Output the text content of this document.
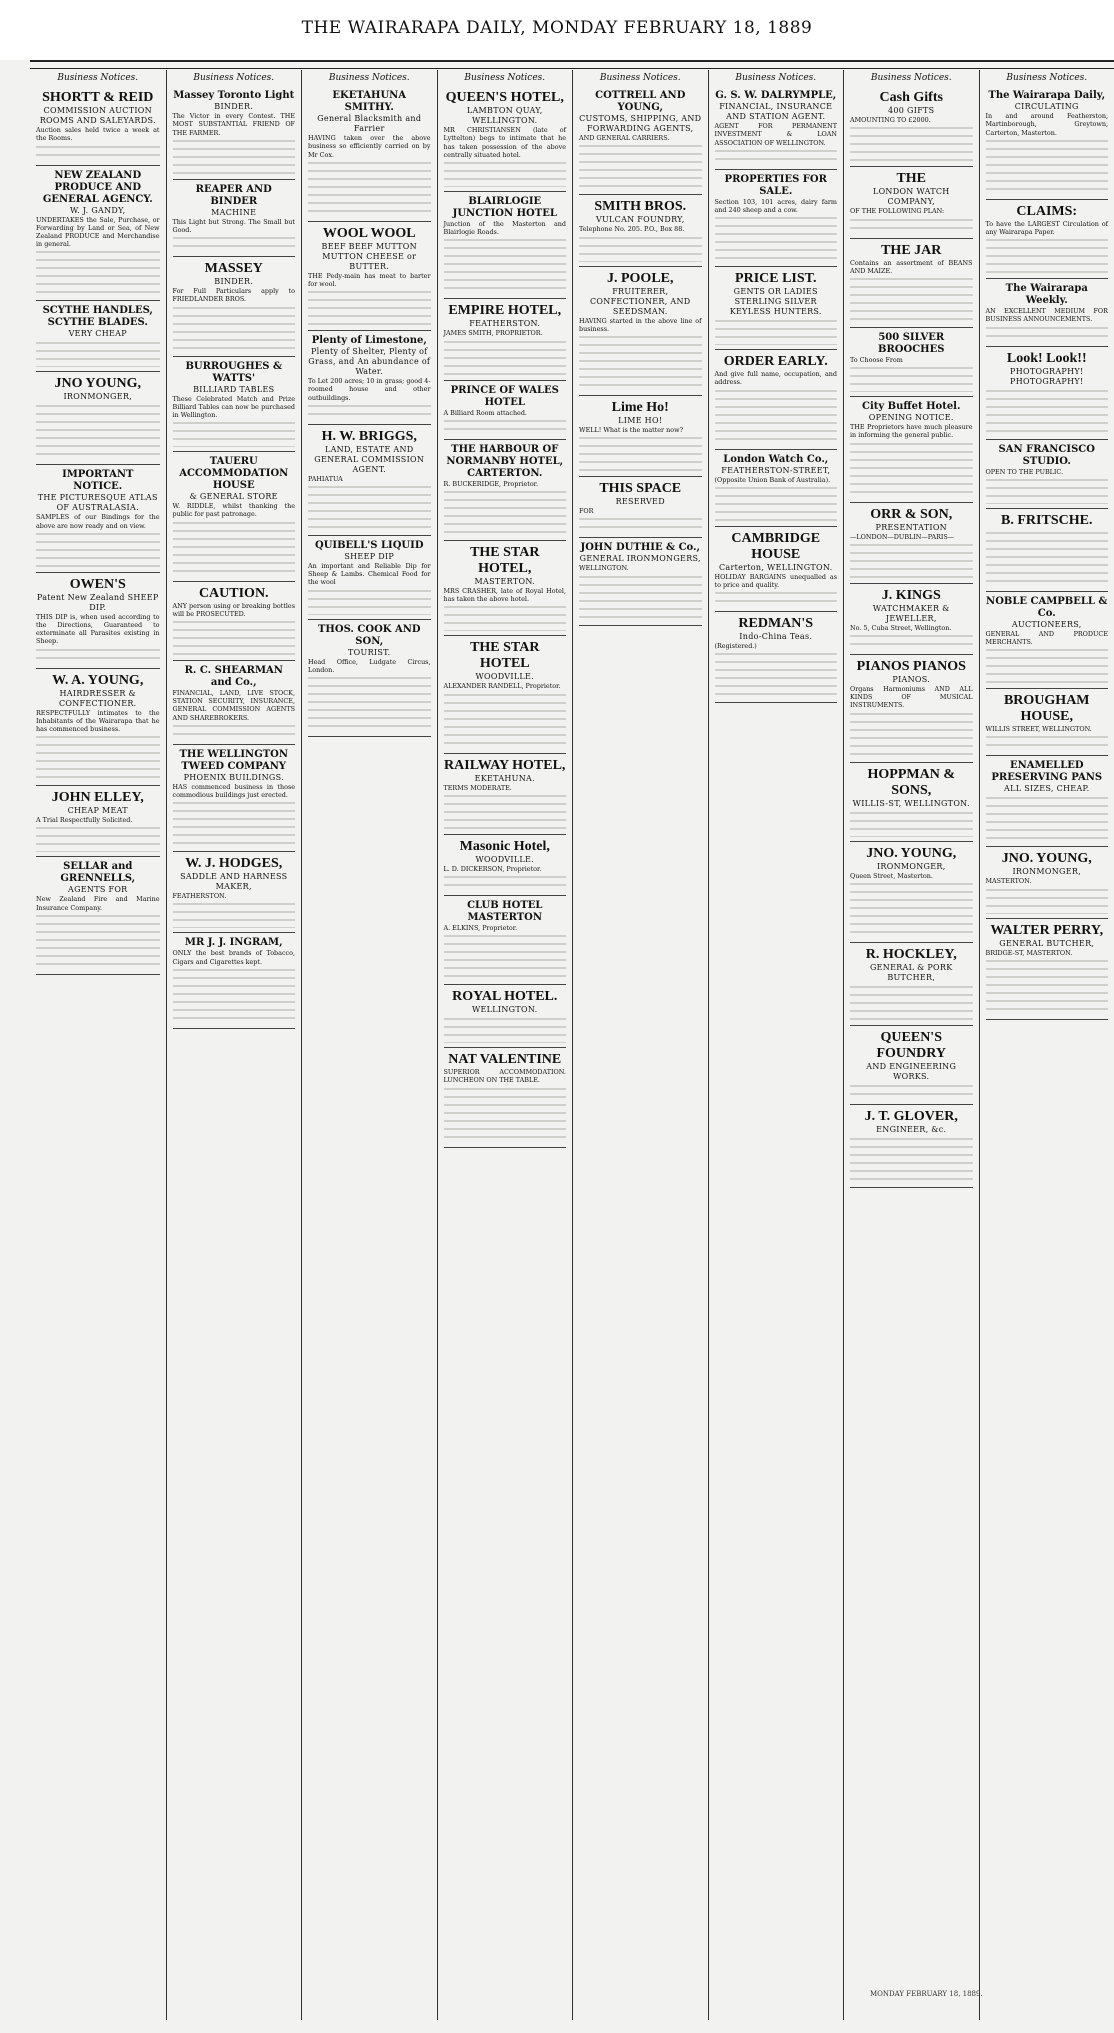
THE WAIRARAPA DAILY, MONDAY FEBRUARY 18, 1889
Business Notices.
SHORTT & REID
COMMISSION AUCTION ROOMS AND SALEYARDS.
Auction sales held twice a week at the Rooms.
NEW ZEALAND PRODUCE AND GENERAL AGENCY.
W. J. GANDY,
UNDERTAKES the Sale, Purchase, or Forwarding by Land or Sea, of New Zealand PRODUCE and Merchandise in general.
SCYTHE HANDLES, SCYTHE BLADES.
VERY CHEAP
JNO YOUNG,
IRONMONGER,
IMPORTANT NOTICE.
THE PICTURESQUE ATLAS OF AUSTRALASIA.
SAMPLES of our Bindings for the above are now ready and on view.
OWEN'S
Patent New Zealand SHEEP DIP.
THIS DIP is, when used according to the Directions, Guaranteed to exterminate all Parasites existing in Sheep.
W. A. YOUNG,
HAIRDRESSER & CONFECTIONER.
RESPECTFULLY intimates to the Inhabitants of the Wairarapa that he has commenced business.
JOHN ELLEY,
CHEAP MEAT
A Trial Respectfully Solicited.
SELLAR and GRENNELLS,
AGENTS FOR
New Zealand Fire and Marine Insurance Company.
Business Notices.
Massey Toronto Light
BINDER.
The Victor in every Contest. THE MOST SUBSTANTIAL FRIEND OF THE FARMER.
REAPER AND BINDER
MACHINE
This Light but Strong. The Small but Good.
MASSEY
BINDER.
For Full Particulars apply to FRIEDLANDER BROS.
BURROUGHES & WATTS'
BILLIARD TABLES
These Celebrated Match and Prize Billiard Tables can now be purchased in Wellington.
TAUERU ACCOMMODATION HOUSE
& GENERAL STORE
W. RIDDLE, whilst thanking the public for past patronage.
CAUTION.
ANY person using or breaking bottles will be PROSECUTED.
R. C. SHEARMAN and Co.,
FINANCIAL, LAND, LIVE STOCK, STATION SECURITY, INSURANCE, GENERAL COMMISSION AGENTS AND SHAREBROKERS.
THE WELLINGTON TWEED COMPANY
PHOENIX BUILDINGS.
HAS commenced business in those commodious buildings just erected.
W. J. HODGES,
SADDLE AND HARNESS MAKER,
FEATHERSTON.
MR J. J. INGRAM,
ONLY the best brands of Tobacco, Cigars and Cigarettes kept.
Business Notices.
EKETAHUNA SMITHY.
General Blacksmith and Farrier
HAVING taken over the above business so efficiently carried on by Mr Cox.
WOOL WOOL
BEEF BEEF MUTTON MUTTON CHEESE or BUTTER.
THE Pedy-main has meat to barter for wool.
Plenty of Limestone,
Plenty of Shelter, Plenty of Grass, and An abundance of Water.
To Let 200 acres; 10 in grass; good 4-roomed house and other outbuildings.
H. W. BRIGGS,
LAND, ESTATE AND GENERAL COMMISSION AGENT.
PAHIATUA
QUIBELL'S LIQUID
SHEEP DIP
An important and Reliable Dip for Sheep & Lambs. Chemical Food for the wool
THOS. COOK AND SON,
TOURIST.
Head Office, Ludgate Circus, London.
Business Notices.
QUEEN'S HOTEL,
LAMBTON QUAY, WELLINGTON.
MR CHRISTIANSEN (late of Lyttelton) begs to intimate that he has taken possession of the above centrally situated hotel.
BLAIRLOGIE JUNCTION HOTEL
Junction of the Masterton and Blairlogie Roads.
EMPIRE HOTEL,
FEATHERSTON.
JAMES SMITH, PROPRIETOR.
PRINCE OF WALES HOTEL
A Billiard Room attached.
THE HARBOUR OF NORMANBY HOTEL, CARTERTON.
R. BUCKERIDGE, Proprietor.
THE STAR HOTEL,
MASTERTON.
MRS CRASHER, late of Royal Hotel, has taken the above hotel.
THE STAR HOTEL
WOODVILLE.
ALEXANDER RANDELL, Proprietor.
RAILWAY HOTEL,
EKETAHUNA.
TERMS MODERATE.
Masonic Hotel,
WOODVILLE.
L. D. DICKERSON, Proprietor.
CLUB HOTEL MASTERTON
A. ELKINS, Proprietor.
ROYAL HOTEL.
WELLINGTON.
NAT VALENTINE
SUPERIOR ACCOMMODATION. LUNCHEON ON THE TABLE.
Business Notices.
COTTRELL AND YOUNG,
CUSTOMS, SHIPPING, AND FORWARDING AGENTS,
AND GENERAL CARRIERS.
SMITH BROS.
VULCAN FOUNDRY,
Telephone No. 205. P.O., Box 88.
J. POOLE,
FRUITERER, CONFECTIONER, AND SEEDSMAN.
HAVING started in the above line of business.
Lime Ho!
LIME HO!
WELL! What is the matter now?
THIS SPACE
RESERVED
FOR
JOHN DUTHIE & Co.,
GENERAL IRONMONGERS,
WELLINGTON.
Business Notices.
G. S. W. DALRYMPLE,
FINANCIAL, INSURANCE AND STATION AGENT.
AGENT FOR PERMANENT INVESTMENT & LOAN ASSOCIATION OF WELLINGTON.
PROPERTIES FOR SALE.
Section 103, 101 acres, dairy farm and 240 sheep and a cow.
PRICE LIST.
GENTS OR LADIES STERLING SILVER KEYLESS HUNTERS.
ORDER EARLY.
And give full name, occupation, and address.
London Watch Co.,
FEATHERSTON-STREET,
(Opposite Union Bank of Australia).
CAMBRIDGE HOUSE
Carterton, WELLINGTON.
HOLIDAY BARGAINS unequalled as to price and quality.
REDMAN'S
Indo-China Teas.
(Registered.)
Business Notices.
Cash Gifts
400 GIFTS
AMOUNTING TO £2000.
THE
LONDON WATCH COMPANY,
OF THE FOLLOWING PLAN:
THE JAR
Contains an assortment of BEANS AND MAIZE.
500 SILVER BROOCHES
To Choose From
City Buffet Hotel.
OPENING NOTICE.
THE Proprietors have much pleasure in informing the general public.
ORR & SON,
PRESENTATION
—LONDON—DUBLIN—PARIS—
J. KINGS
WATCHMAKER & JEWELLER,
No. 5, Cuba Street, Wellington.
PIANOS PIANOS
PIANOS.
Organs Harmoniums AND ALL KINDS OF MUSICAL INSTRUMENTS.
HOPPMAN & SONS,
WILLIS-ST, WELLINGTON.
JNO. YOUNG,
IRONMONGER,
Queen Street, Masterton.
R. HOCKLEY,
GENERAL & PORK BUTCHER,
QUEEN'S FOUNDRY
AND ENGINEERING WORKS.
J. T. GLOVER,
ENGINEER, &c.
Business Notices.
The Wairarapa Daily,
CIRCULATING
In and around Featherston, Martinborough, Greytown, Carterton, Masterton.
CLAIMS:
To have the LARGEST Circulation of any Wairarapa Paper.
The Wairarapa Weekly.
AN EXCELLENT MEDIUM FOR BUSINESS ANNOUNCEMENTS.
Look! Look!!
PHOTOGRAPHY! PHOTOGRAPHY!
SAN FRANCISCO STUDIO.
OPEN TO THE PUBLIC.
B. FRITSCHE.
NOBLE CAMPBELL & Co.
AUCTIONEERS,
GENERAL AND PRODUCE MERCHANTS.
BROUGHAM HOUSE,
WILLIS STREET, WELLINGTON.
ENAMELLED PRESERVING PANS
ALL SIZES, CHEAP.
JNO. YOUNG,
IRONMONGER,
MASTERTON.
WALTER PERRY,
GENERAL BUTCHER,
BRIDGE-ST, MASTERTON.
MONDAY FEBRUARY 18, 1889.
